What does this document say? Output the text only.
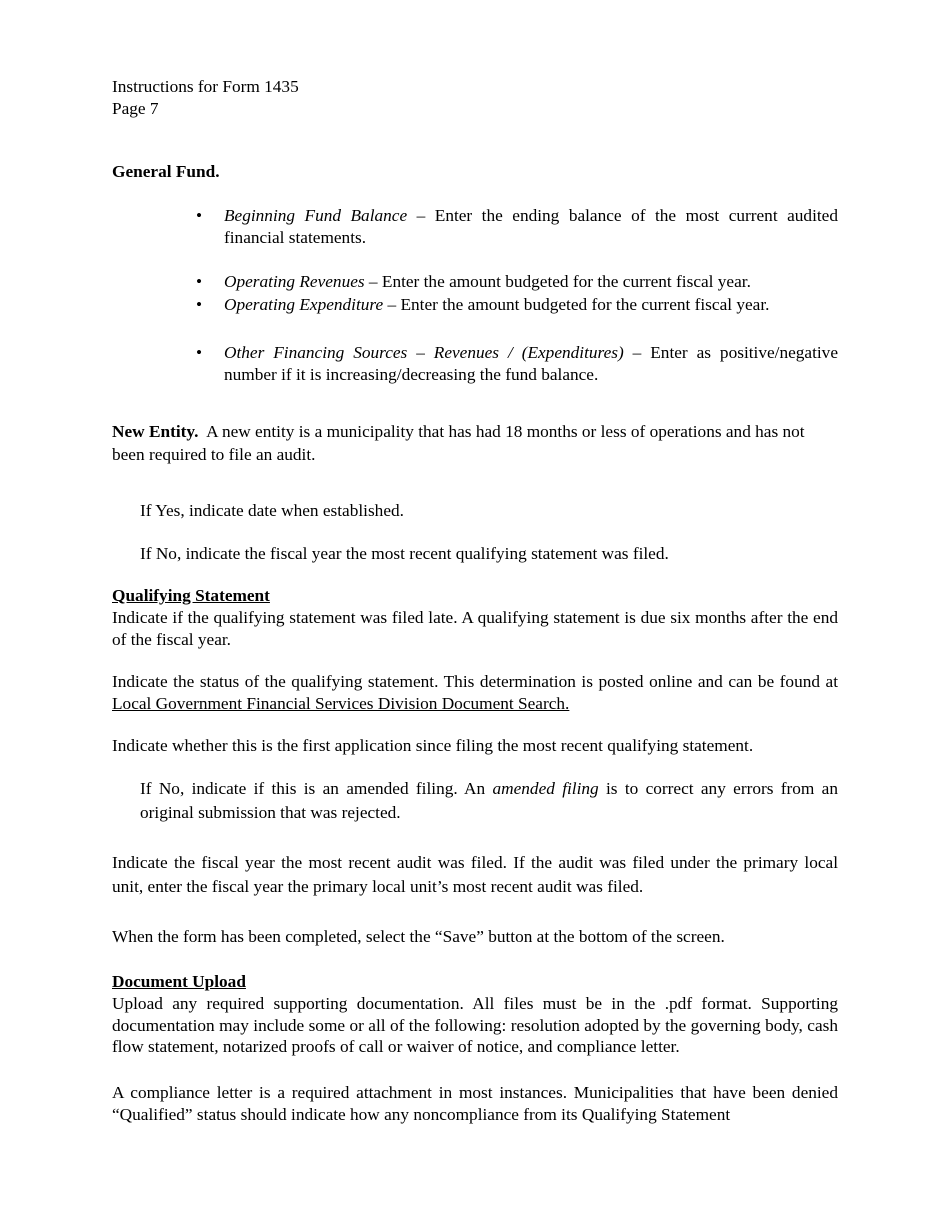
Instructions for Form 1435
Page 7
General Fund.
• Beginning Fund Balance – Enter the ending balance of the most current audited financial statements.
• Operating Revenues – Enter the amount budgeted for the current fiscal year.
• Operating Expenditure – Enter the amount budgeted for the current fiscal year.
• Other Financing Sources – Revenues / (Expenditures) – Enter as positive/negative number if it is increasing/decreasing the fund balance.
New Entity.  A new entity is a municipality that has had 18 months or less of operations and has not been required to file an audit.
If Yes, indicate date when established.
If No, indicate the fiscal year the most recent qualifying statement was filed.
Qualifying Statement
Indicate if the qualifying statement was filed late. A qualifying statement is due six months after the end of the fiscal year.
Indicate the status of the qualifying statement. This determination is posted online and can be found at Local Government Financial Services Division Document Search.
Indicate whether this is the first application since filing the most recent qualifying statement.
If No, indicate if this is an amended filing. An amended filing is to correct any errors from an original submission that was rejected.
Indicate the fiscal year the most recent audit was filed. If the audit was filed under the primary local unit, enter the fiscal year the primary local unit’s most recent audit was filed.
When the form has been completed, select the “Save” button at the bottom of the screen.
Document Upload
Upload any required supporting documentation. All files must be in the .pdf format. Supporting documentation may include some or all of the following: resolution adopted by the governing body, cash flow statement, notarized proofs of call or waiver of notice, and compliance letter.
A compliance letter is a required attachment in most instances. Municipalities that have been denied “Qualified” status should indicate how any noncompliance from its Qualifying Statement
